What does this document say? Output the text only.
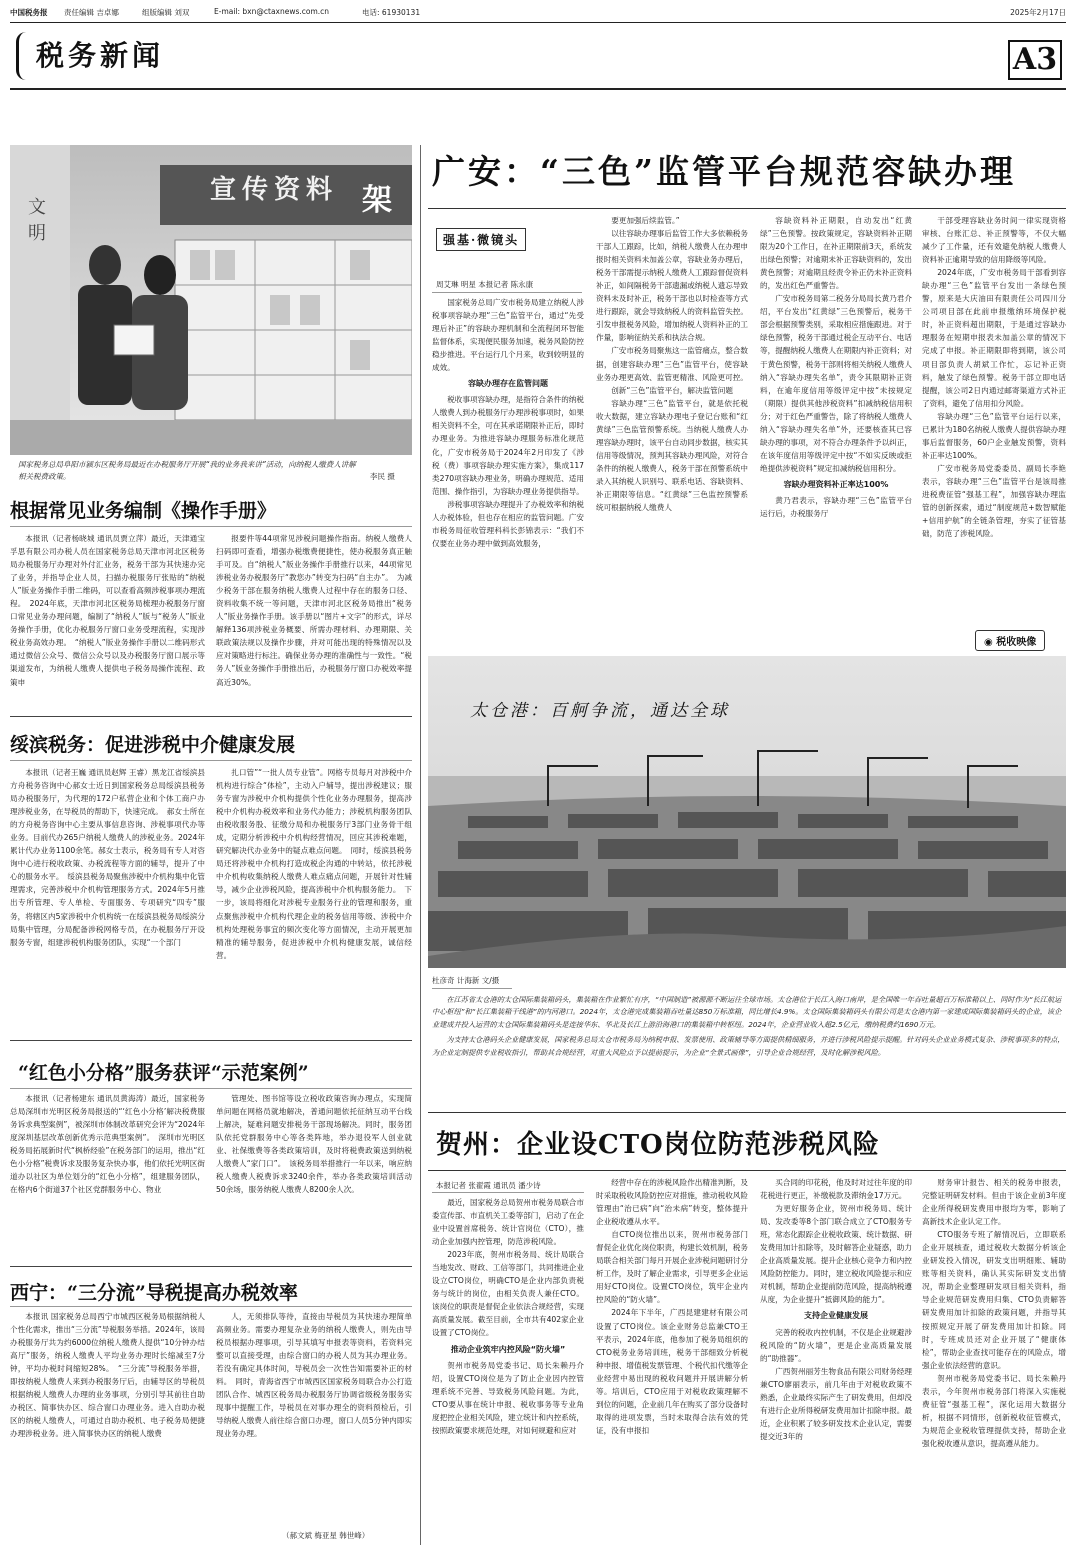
中国税务报 责任编辑 吉卓娜	组版编辑 刘双	E-mail: bxn@ctaxnews.com.cn	电话: 61930131	2025年2月17日
税务新闻	A3
宣传资料 架
文明
国家税务总局阜阳市颍东区税务局最近在办税服务厅开展“我的业务我来讲”活动，向纳税人缴费人讲解相关税费政策。	李民 摄
根据常见业务编制《操作手册》

本报讯（记者杨晓城 通讯员贾立萍）最近，天津通宝孚思有限公司办税人员在国家税务总局天津市河北区税务局办税服务厅办理对外付汇业务，税务干部为其快速办完了业务，并指导企业人员，扫描办税服务厅张贴的“纳税人”版业务操作手册二维码，可以查看高频涉税事项办理流程。　2024年底，天津市河北区税务局梳理办税服务厅窗口常见业务办理问题，编制了“纳税人”版与“税务人”版业务操作手册，优化办税服务厅窗口业务受理流程，实现涉税业务高效办理。　“纳税人”版业务操作手册以二维码形式通过微信公众号、微信公众号以及办税服务厅窗口展示等渠道发布，为纳税人缴费人提供电子税务局操作流程、政策申

报要件等44项常见涉税问题操作指南。纳税人缴费人扫码即可查看，增强办税缴费便捷性，使办税服务真正触手可及。自“纳税人”版业务操作手册推行以来，44项常见涉税业务办税服务厅“教您办”转变为扫码“自主办”。　为减少税务干部在服务纳税人缴费人过程中存在的服务口径、资料收集不统一等问题，天津市河北区税务局推出“税务人”版业务操作手册。该手册以“图片+文字”的形式，详尽解释136项涉税业务概要、所需办理材料、办理期限、关联政策法规以及操作步骤，并对可能出现的特殊情况以及应对策略进行标注。确保业务办理的准确性与一致性。“税务人”版业务操作手册推出后，办税服务厅窗口办税效率提高近30%。

绥滨税务：促进涉税中介健康发展

本报讯（记者王巍 通讯员赵辉 王睿）黑龙江省绥滨县方舟税务咨询中心郝女士近日到国家税务总局绥滨县税务局办税服务厅，为代理的172户私营企业和个体工商户办理涉税业务，在导税员的帮助下，快速完成。　郝女士所在的方舟税务咨询中心主要从事信息咨询、涉税事项代办等业务。目前代办265户纳税人缴费人的涉税业务。2024年累计代办业务1100余笔。郝女士表示，税务局有专人对咨询中心进行税收政策、办税流程等方面的辅导，提升了中心的服务水平。　绥滨县税务局聚焦涉税中介机构集中化管理需求，完善涉税中介机构管理服务方式。2024年5月推出专所管理、专人单检、专面服务、专项研究“四专”服务，将辖区内5家涉税中介机构统一在绥滨县税务局绥滨分局集中管理，分局配备涉税网格专员，在办税服务厅开设服务专窗，组建涉税机构服务团队，实现“一个部门

扎口管”“一批人员专业管”。网格专员每月对涉税中介机构进行综合“体检”，主动入户辅导，提出涉税建议；服务专窗为涉税中介机构提供个性化业务办理服务，提高涉税中介机构办税效率和业务代办能力；涉税机构服务团队由税收服务股、征缴分局和办税服务厅3部门业务骨干组成，定期分析涉税中介机构经营情况，回应其涉税难题，研究解决代办业务中的疑点难点问题。　同时，绥滨县税务局还将涉税中介机构打造成税企沟通的中转站，依托涉税中介机构收集纳税人缴费人难点痛点问题，开展针对性辅导，减少企业涉税风险，提高涉税中介机构服务能力。　下一步，该局将细化对涉税专业服务行业的管理和服务，重点聚焦涉税中介机构代理企业的税务信用等级、涉税中介机构处理税务事宜的频次变化等方面情况，主动开展更加精准的辅导服务，促进涉税中介机构健康发展，诚信经营。

“红色小分格”服务获评“示范案例”

本报讯（记者杨建东 通讯员黄海涛）最近，国家税务总局深圳市光明区税务局报送的“‘红色小分格’解决税费服务诉求典型案例”，被深圳市体制改革研究会评为“2024年度深圳基层改革创新优秀示范典型案例”。　深圳市光明区税务局拓展新时代“枫桥经验”在税务部门的运用，推出“红色小分格”税费诉求及服务复杂快办事，他们依托光明区街道办以社区为单位划分的“红色小分格”，组建服务团队，在格内6个街道37个社区党群服务中心、物业

管理处、图书馆等设立税收政策咨询办理点，实现简单问题在网格员就地解决，普通问题依托征纳互动平台线上解决，疑难问题安排税务干部现场解决。同时，服务团队依托党群服务中心等各类阵地，举办退役军人创业就业、社保缴费等各类政策培训，及时将税费政策送到纳税人缴费人“家门口”。　该税务局举措推行一年以来，响应纳税人缴费人税费诉求3240余件，举办各类政策培训活动50余场，服务纳税人缴费人8200余人次。

西宁：“三分流”导税提高办税效率

本报讯 国家税务总局西宁市城西区税务局根据纳税人个性化需求，推出“三分流”导税服务举措。2024年，该局办税服务厅共为约6000位纳税人缴费人提供“10分钟办结高厅”服务，纳税人缴费人平均业务办理时长缩减至7分钟，平均办税时间缩短28%。　“三分流”导税服务举措，即按纳税人缴费人来到办税服务厅后，由辅导区的导税员根据纳税人缴费人办理的业务事项，分别引导其前往自助办税区、简事快办区、综合窗口办理业务。进入自助办税区的纳税人缴费人，可通过自助办税机、电子税务局便捷办理涉税业务。进入简事快办区的纳税人缴费

人，无须排队等待，直接由导税员为其快速办理简单高频业务。需要办理复杂业务的纳税人缴费人，则先由导税员根据办理事项，引导其填写申报表等资料，若资料完整可以直接受理，由综合窗口的办税人员为其办理业务。若没有确定具体时间，导税员会一次性告知需要补正的材料。　同时，青海省西宁市城西区国家税务局联合办公打造团队合作、城西区税务局办税服务厅协调省级税务服务实现事中提醒工作，导税员在对事办理全的资料预检后，引导纳税人缴费人前往综合窗口办理，窗口人员5分钟内即实现业务办理。

（郝文斌 梅亚星 韩世峰）
广安：“三色”监管平台规范容缺办理
强基·微镜头
周艾琳 明星 本报记者 陈永康

国家税务总局广安市税务局建立纳税人涉税事项容缺办理“三色”监管平台，通过“先受理后补正”的容缺办理机制和全流程闭环智能监督体系，实现便民服务加速，税务风险防控稳步推进。平台运行几个月来，收到较明显的成效。

容缺办理存在监管问题

税收事项容缺办理，是指符合条件的纳税人缴费人到办税服务厅办理涉税事项时，如果相关资料不全，可在其承诺期限补正后，即时办理业务。为推进容缺办理服务标准化规范化，广安市税务局于2024年2月印发了《涉税（费）事项容缺办理实施方案》，集成117类270项容缺办理业务，明确办理规范、适用范围、操作指引，为容缺办理业务提供指导。

涉税事项容缺办理提升了办税效率和纳税人办税体验，但也存在相应的监管问题。广安市税务局征收管理科科长彭锦表示：“我们不仅要在业务办理中做到高效服务，

要更加强后续监管。”

以往容缺办理事后监管工作大多依赖税务干部人工跟踪，比如，纳税人缴费人在办理申报时相关资料未加盖公章，容缺业务办理后，税务干部需提示纳税人缴费人工跟踪督促资料补正，如间隔税务干部遗漏或纳税人遗忘导致资料未及时补正，税务干部也以时检查等方式进行跟踪，就会导致纳税人的资料监管失控。引发申报税务风险，增加纳税人资料补正的工作量，影响征纳关系和执法合规。

广安市税务局聚焦这一监管痛点，整合数据，创建容缺办理“三色”监管平台，使容缺业务办理更高效、监管更精准、风险更可控。

创新“三色”监管平台，解决监管问题

容缺办理“三色”监管平台，就是依托税收大数据，建立容缺办理电子登记台账和“红黄绿”三色监管预警系统。当纳税人缴费人办理容缺办理时，该平台自动同步数据，核实其信用等级情况，预判其容缺办理风险，对符合条件的纳税人缴费人，税务干部在预警系统中录入其纳税人识别号、联系电话、容缺资料、补正期限等信息。“红黄绿”三色监控预警系统可根据纳税人缴费人

容缺资料补正期限，自动发出“红黄绿”三色预警。按政策规定，容缺资料补正期限为20个工作日，在补正期限前3天，系统发出绿色预警；对逾期未补正容缺资料的，发出黄色预警；对逾期且经责令补正仍未补正资料的，发出红色严重警告。

广安市税务局第二税务分局局长黄乃君介绍，平台发出“红黄绿”三色预警后，税务干部会根据预警类别，采取相应措施跟进。对于绿色预警，税务干部通过税企互动平台、电话等，提醒纳税人缴费人在期限内补正资料；对于黄色预警，税务干部则将相关纳税人缴费人纳入“容缺办理失名单”，责令其限期补正资料，在逾年度信用等级评定中按“未按规定（期限）提供其他涉税资料”扣减纳税信用积分；对于红色严重警告，除了将纳税人缴费人纳入“容缺办理失名单”外，还要核查其已容缺办理的事项，对不符合办理条件予以纠正，在该年度信用等级评定中按“不如实反映或拒绝提供涉税资料”规定扣减纳税信用积分。

容缺办理资料补正率达100%

黄乃君表示，容缺办理“三色”监管平台运行后，办税服务厅

干部受理容缺业务时间一律实现资格审核、台账汇总、补正预警等，不仅大幅减少了工作量，还有效避免纳税人缴费人资料补正逾期导致的信用降级等风险。

2024年底，广安市税务局干部看到容缺办理“三色”监管平台发出一条绿色预警，原来是大庆油田有限责任公司四川分公司项目部在此前申报缴纳环境保护税时，补正资料超出期限，于是通过容缺办理服务在短期申报表未加盖公章的情况下完成了申报。补正期限即将到期，该公司项目部负责人胡斌工作忙，忘记补正资料，触发了绿色预警。税务干部立即电话提醒，该公司2日内通过邮寄渠道方式补正了资料，避免了信用扣分风险。

容缺办理“三色”监管平台运行以来，已累计为180名纳税人缴费人提供容缺办理事后监督服务，60户企业触发预警，资料补正率达100%。

广安市税务局党委委员、副局长李艳表示，容缺办理“三色”监管平台是该局推进税费征管“强基工程”，加强容缺办理监管的创新探索，通过“制度规范+数智赋能+信用护航”的全链条管理，夯实了征管基础，防范了涉税风险。

◉ 税收映像
太仓港：百舸争流，通达全球
杜彦奇 计海新 文/摄
在江苏省太仓港的太仓国际集装箱码头，集装箱在作业繁忙有序，“中国制造”被源源不断运往全球市场。太仓港位于长江入海口南岸，是全国唯一年吞吐量超百万标准箱以上、同时作为“长江航运中心枢纽”和“长江集装箱干线港”的内河港口。2024年，太仓港完成集装箱吞吐量达850万标准箱，同比增长4.9%。太仓国际集装箱码头有限公司是太仓港内第一家建成国际集装箱码头的企业，该企业建成并投入运营的太仓国际集装箱码头是连接华东、华北及长江上游沿海港口的集装箱中转枢纽。2024年，企业营业收入超2.5亿元，缴纳税费约1690万元。
为支持太仓港码头企业健康发展，国家税务总局太仓市税务局为纳税申报、发票使用、政策辅导等方面提供精细服务，并进行涉税风险提示提醒。针对码头企业业务模式复杂、涉税事项多的特点，为企业定制提供专业税收指引，帮助其合规经营，对重大风险点予以提前提示，为企业“全景式画像”，引导企业合规经营，及时化解涉税风险。
贺州：企业设CTO岗位防范涉税风险
本报记者 张翟霞 通讯员 潘少诗

最近，国家税务总局贺州市税务局联合市委宣传部、市直机关工委等部门，启动了在企业中设置首席税务、统计官岗位（CTO），推动企业加强内控管理，防范涉税风险。

2023年底，贺州市税务局、统计局联合当地发改、财政、工信等部门，共同推进企业设立CTO岗位，明确CTO是企业内部负责税务与统计的岗位，由相关负责人兼任CTO。该岗位的职责是督促企业依法合规经营，实现高质量发展。截至目前，全市共有402家企业设置了CTO岗位。

推动企业筑牢内控风险“防火墙”

贺州市税务局党委书记、局长朱赖丹介绍，设置CTO岗位是为了防止企业因内控管理系统不完善、导致税务风险问题。为此，CTO要从事在统计申报、税收事务等专业角度把控企业相关风险，建立统计和内控系统，按照政策要求规范处理，对如何规避和应对

经营中存在的涉税风险作出精准判断，及时采取税收风险防控应对措施，推动税收风险管理由“治已病”向“治未病”转变，整体提升企业税收遵从水平。

自CTO岗位推出以来，贺州市税务部门督促企业优化岗位职责，构建长效机制，税务局联合相关部门每月开展企业涉税问题研讨分析工作，及时了解企业需求，引导更多企业运用好CTO岗位。设置CTO岗位，筑牢企业内控风险的“防火墙”。

2024年下半年，广西昆建建材有限公司设置了CTO岗位。该企业财务总监兼CTO王平表示，2024年底，他参加了税务局组织的CTO税务业务培训班，税务干部细致分析税种申报、增值税发票管理、个税代扣代缴等企业经营中易出现的税收问题并开展讲解分析等。培训后，CTO应用于对税收政策理解不到位的问题，企业前几年在购买了部分设备时取得的进项发票，当时未取得合法有效的凭证，没有申报扣

买合同的印花税，他及时对过往年度的印花税进行更正，补缴税款及滞纳金17万元。

为更好服务企业，贺州市税务局、统计局、发改委等8个部门联合成立了CTO服务专班，常态化跟踪企业税收政策、统计数据、研发费用加计扣除等，及时解答企业疑惑，助力企业高质量发展。提升企业核心竞争力和内控风险防控能力。同时，建立税收风险提示和应对机制，帮助企业提前防范风险，提高纳税遵从度，为企业提升“抵御风险的能力”。

支持企业健康发展

完善的税收内控机制，不仅是企业规避涉税风险的“防火墙”，更是企业高质量发展的“助推器”。

广西贺州丽芳生物食品有限公司财务经理兼CTO廖丽表示，前几年由于对税收政策不熟悉，企业最终实际产生了研发费用，但却没有进行企业所得税研发费用加计扣除申报。最近，企业积累了较多研发技术企业认定，需要提交近3年的

财务审计报告、相关的税务申报表，完整证明研发材料。但由于该企业前3年度企业所得税研发费用申报均为零，影响了高新技术企业认定工作。

CTO服务专班了解情况后，立即联系企业开展核查，通过税收大数据分析该企业研发投入情况，研发支出明细账、辅助账等相关资料，确认其实际研发支出情况，帮助企业整理研发项目相关资料，指导企业规范研发费用归集、CTO负责解答研发费用加计扣除的政策问题，并指导其按照规定开展了研发费用加计扣除。同时，专班成员还对企业开展了“健康体检”，帮助企业查找可能存在的风险点，增强企业依法经营的意识。

贺州市税务局党委书记、局长朱赖丹表示，今年贺州市税务部门将深入实施税费征管“强基工程”，深化运用大数据分析，根据不同情形，创新税收征管模式，为规范企业税收管理提供支持，帮助企业强化税收遵从意识，提高遵从能力。
